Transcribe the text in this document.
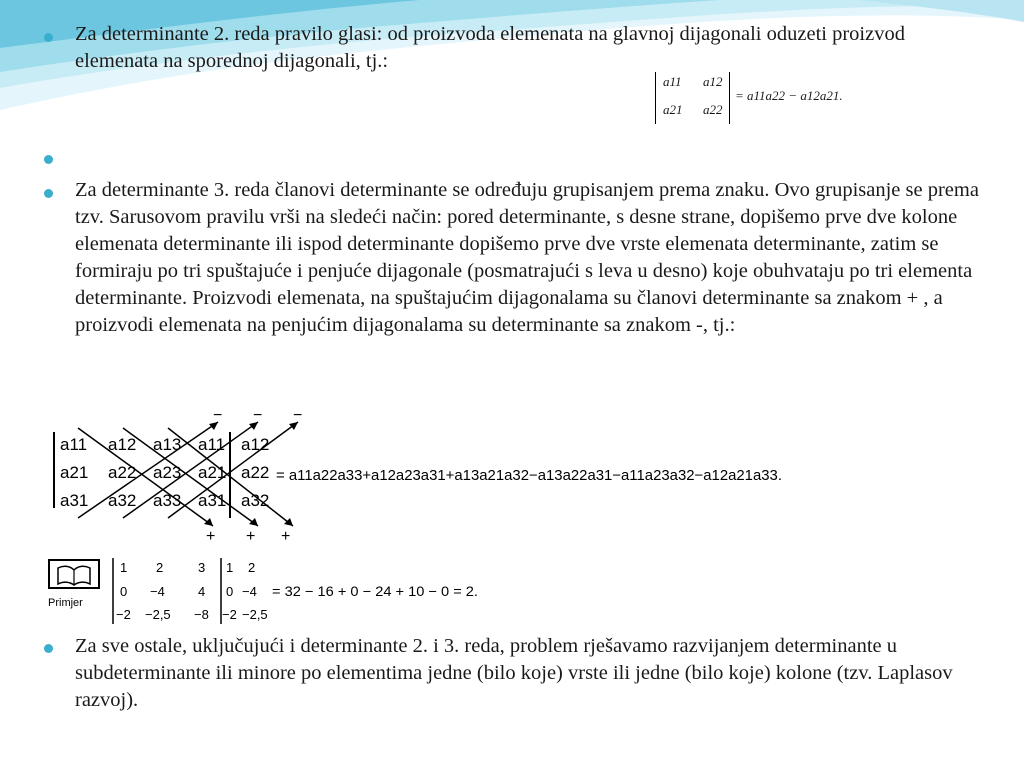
Za determinante 2. reda pravilo glasi: od proizvoda elemenata na glavnoj dijagonali oduzeti proizvod elemenata na sporednoj dijagonali, tj.:

a11 a12
a21 a22
= a11a22 − a12a21.

Za determinante 3. reda članovi determinante se određuju grupisanjem prema znaku. Ovo grupisanje se prema tzv. Sarusovom pravilu vrši na sledeći način: pored determinante, s desne strane, dopišemo prve dve kolone elemenata determinante ili ispod determinante dopišemo prve dve vrste elemenata determinante, zatim se formiraju po tri spuštajuće i penjuće dijagonale (posmatrajući s leva u desno) koje obuhvataju po tri elementa determinante. Proizvodi elemenata, na spuštajućim dijagonalama su članovi determinante sa znakom + , a proizvodi elemenata na penjućim dijagonalama su determinante sa znakom -, tj.:

a11 a12 a13 a11 a12
a21 a22 a23 a21 a22
a31 a32 a33 a31 a32
− − −
+ + +
= a11a22a33+a12a23a31+a13a21a32−a13a22a31−a11a23a32−a12a21a33.
Primjer
1 2	3 1 2
0 −4	4 0 −4
−2 −2,5 −8 −2 −2,5
= 32 − 16 + 0 − 24 + 10 − 0 = 2.

Za sve ostale, uključujući i determinante 2. i 3. reda, problem rješavamo razvijanjem determinante u subdeterminante ili minore po elementima jedne (bilo koje) vrste ili jedne (bilo koje) kolone (tzv. Laplasov razvoj).
